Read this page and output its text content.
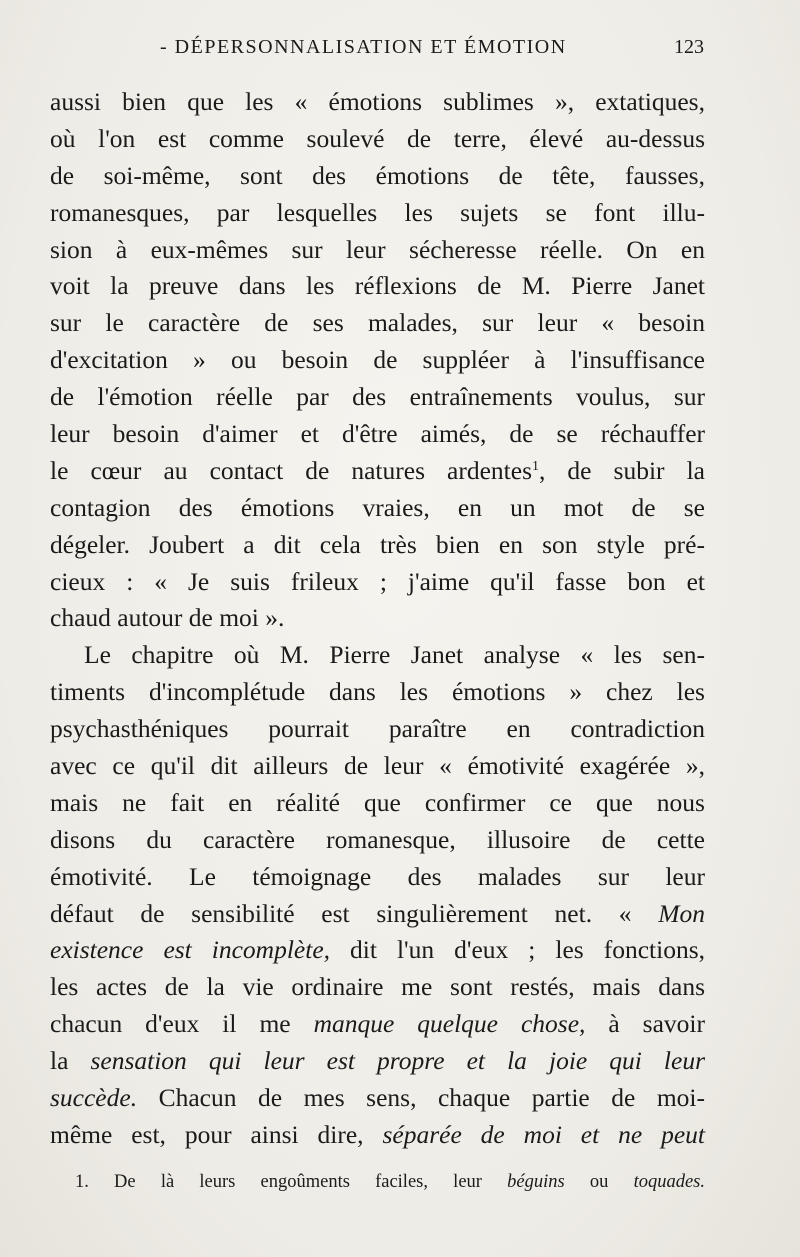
- DÉPERSONNALISATION ET ÉMOTION	123
aussi bien que les « émotions sublimes », extatiques,
où l'on est comme soulevé de terre, élevé au-dessus
de soi-même, sont des émotions de tête, fausses,
romanesques, par lesquelles les sujets se font illu-
sion à eux-mêmes sur leur sécheresse réelle. On en
voit la preuve dans les réflexions de M. Pierre Janet
sur le caractère de ses malades, sur leur « besoin
d'excitation » ou besoin de suppléer à l'insuffisance
de l'émotion réelle par des entraînements voulus, sur
leur besoin d'aimer et d'être aimés, de se réchauffer
le cœur au contact de natures ardentes$^1$, de subir la
contagion des émotions vraies, en un mot de se
dégeler. Joubert a dit cela très bien en son style pré-
cieux : « Je suis frileux ; j'aime qu'il fasse bon et
chaud autour de moi ».
Le chapitre où M. Pierre Janet analyse « les sen-
timents d'incomplétude dans les émotions » chez les
psychasthéniques pourrait paraître en contradiction
avec ce qu'il dit ailleurs de leur « émotivité exagérée »,
mais ne fait en réalité que confirmer ce que nous
disons du caractère romanesque, illusoire de cette
émotivité. Le témoignage des malades sur leur
défaut de sensibilité est singulièrement net. « Mon
existence est incomplète, dit l'un d'eux ; les fonctions,
les actes de la vie ordinaire me sont restés, mais dans
chacun d'eux il me manque quelque chose, à savoir
la sensation qui leur est propre et la joie qui leur
succède. Chacun de mes sens, chaque partie de moi-
même est, pour ainsi dire, séparée de moi et ne peut
1. De là leurs engoûments faciles, leur béguins ou toquades.
